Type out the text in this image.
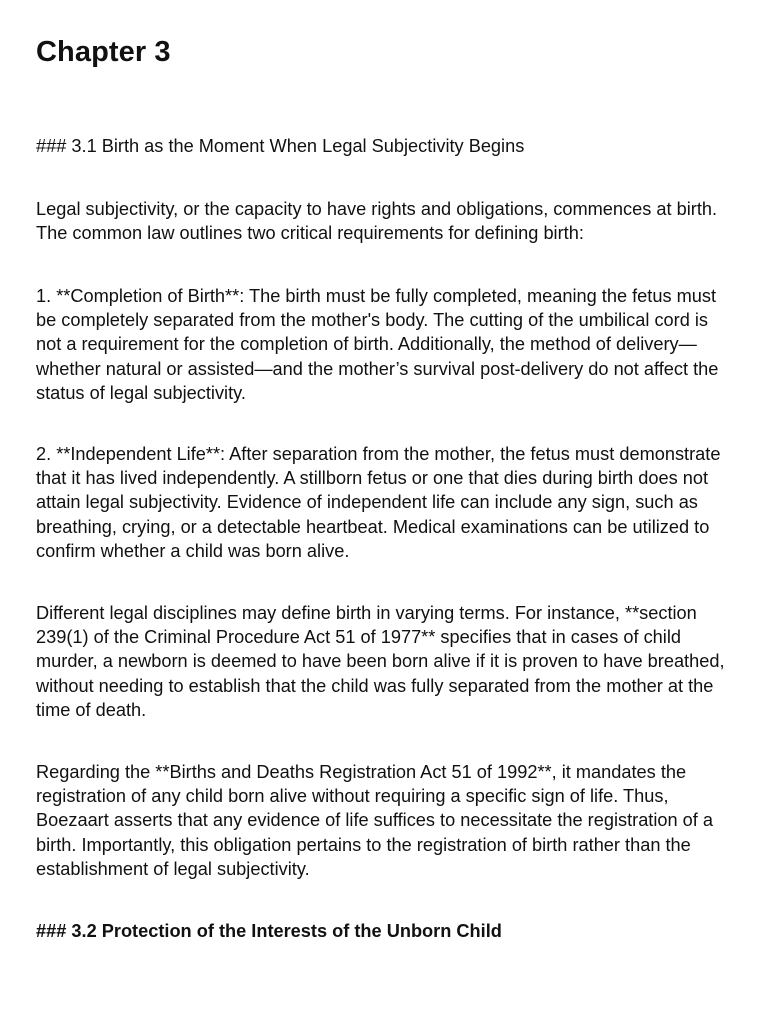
Chapter 3

### 3.1 Birth as the Moment When Legal Subjectivity Begins

Legal subjectivity, or the capacity to have rights and obligations, commences at birth. The common law outlines two critical requirements for defining birth:

1. **Completion of Birth**: The birth must be fully completed, meaning the fetus must be completely separated from the mother's body. The cutting of the umbilical cord is not a requirement for the completion of birth. Additionally, the method of delivery—whether natural or assisted—and the mother’s survival post-delivery do not affect the status of legal subjectivity.

2. **Independent Life**: After separation from the mother, the fetus must demonstrate that it has lived independently. A stillborn fetus or one that dies during birth does not attain legal subjectivity. Evidence of independent life can include any sign, such as breathing, crying, or a detectable heartbeat. Medical examinations can be utilized to confirm whether a child was born alive.

Different legal disciplines may define birth in varying terms. For instance, **section 239(1) of the Criminal Procedure Act 51 of 1977** specifies that in cases of child murder, a newborn is deemed to have been born alive if it is proven to have breathed, without needing to establish that the child was fully separated from the mother at the time of death.

Regarding the **Births and Deaths Registration Act 51 of 1992**, it mandates the registration of any child born alive without requiring a specific sign of life. Thus, Boezaart asserts that any evidence of life suffices to necessitate the registration of a birth. Importantly, this obligation pertains to the registration of birth rather than the establishment of legal subjectivity.

### 3.2 Protection of the Interests of the Unborn Child
